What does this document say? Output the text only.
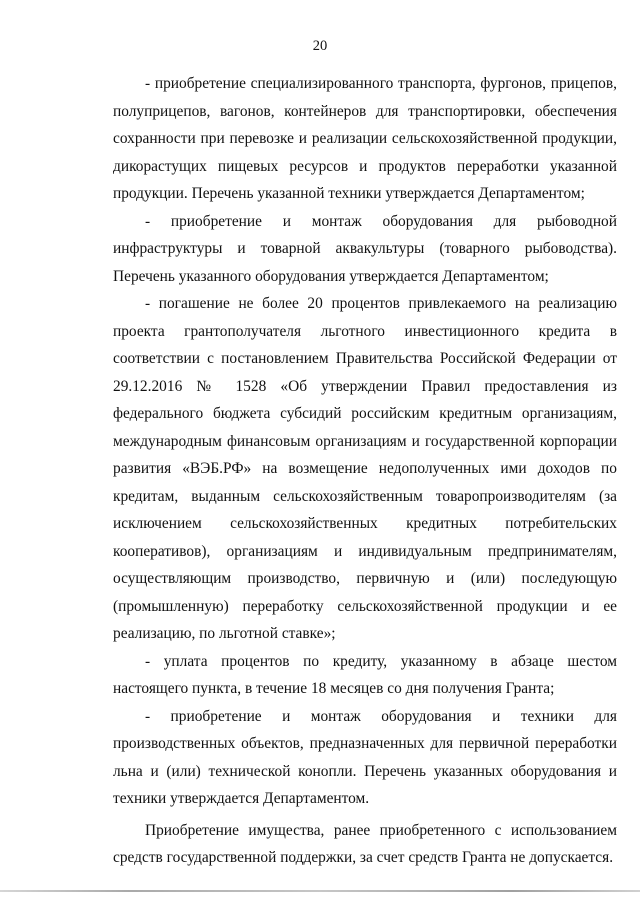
20

- приобретение специализированного транспорта, фургонов, прицепов, полуприцепов, вагонов, контейнеров для транспортировки, обеспечения сохранности при перевозке и реализации сельскохозяйственной продукции, дикорастущих пищевых ресурсов и продуктов переработки указанной продукции. Перечень указанной техники утверждается Департаментом;

- приобретение и монтаж оборудования для рыбоводной инфраструктуры и товарной аквакультуры (товарного рыбоводства). Перечень указанного оборудования утверждается Департаментом;

- погашение не более 20 процентов привлекаемого на реализацию проекта грантополучателя льготного инвестиционного кредита в соответствии с постановлением Правительства Российской Федерации от 29.12.2016 № 1528 «Об утверждении Правил предоставления из федерального бюджета субсидий российским кредитным организациям, международным финансовым организациям и государственной корпорации развития «ВЭБ.РФ» на возмещение недополученных ими доходов по кредитам, выданным сельскохозяйственным товаропроизводителям (за исключением сельскохозяйственных кредитных потребительских кооперативов), организациям и индивидуальным предпринимателям, осуществляющим производство, первичную и (или) последующую (промышленную) переработку сельскохозяйственной продукции и ее реализацию, по льготной ставке»;

- уплата процентов по кредиту, указанному в абзаце шестом настоящего пункта, в течение 18 месяцев со дня получения Гранта;

- приобретение и монтаж оборудования и техники для производственных объектов, предназначенных для первичной переработки льна и (или) технической конопли. Перечень указанных оборудования и техники утверждается Департаментом.

Приобретение имущества, ранее приобретенного с использованием средств государственной поддержки, за счет средств Гранта не допускается.
